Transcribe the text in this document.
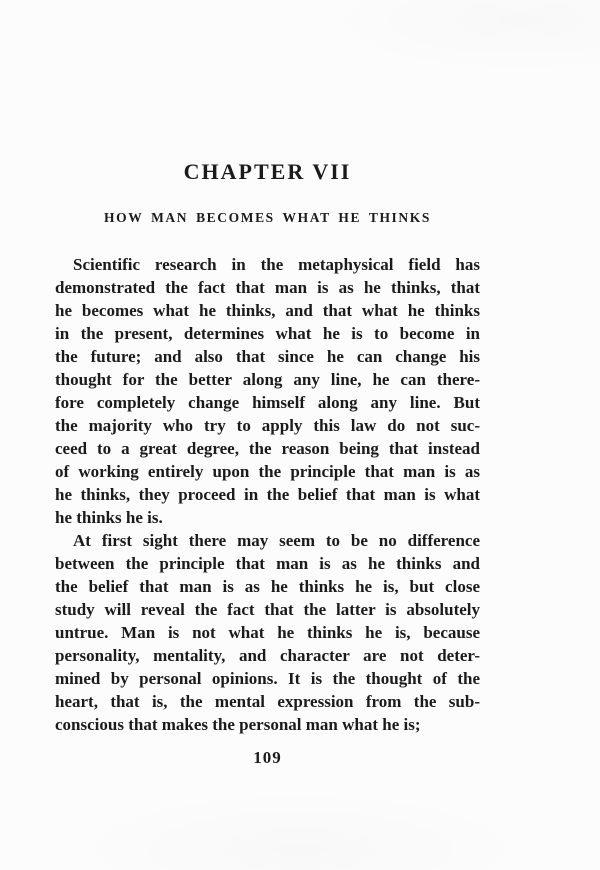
CHAPTER VII
HOW MAN BECOMES WHAT HE THINKS
Scientific research in the metaphysical field has
demonstrated the fact that man is as he thinks, that
he becomes what he thinks, and that what he thinks
in the present, determines what he is to become in
the future; and also that since he can change his
thought for the better along any line, he can there-
fore completely change himself along any line. But
the majority who try to apply this law do not suc-
ceed to a great degree, the reason being that instead
of working entirely upon the principle that man is as
he thinks, they proceed in the belief that man is what
he thinks he is.
At first sight there may seem to be no difference
between the principle that man is as he thinks and
the belief that man is as he thinks he is, but close
study will reveal the fact that the latter is absolutely
untrue. Man is not what he thinks he is, because
personality, mentality, and character are not deter-
mined by personal opinions. It is the thought of the
heart, that is, the mental expression from the sub-
conscious that makes the personal man what he is;
109
